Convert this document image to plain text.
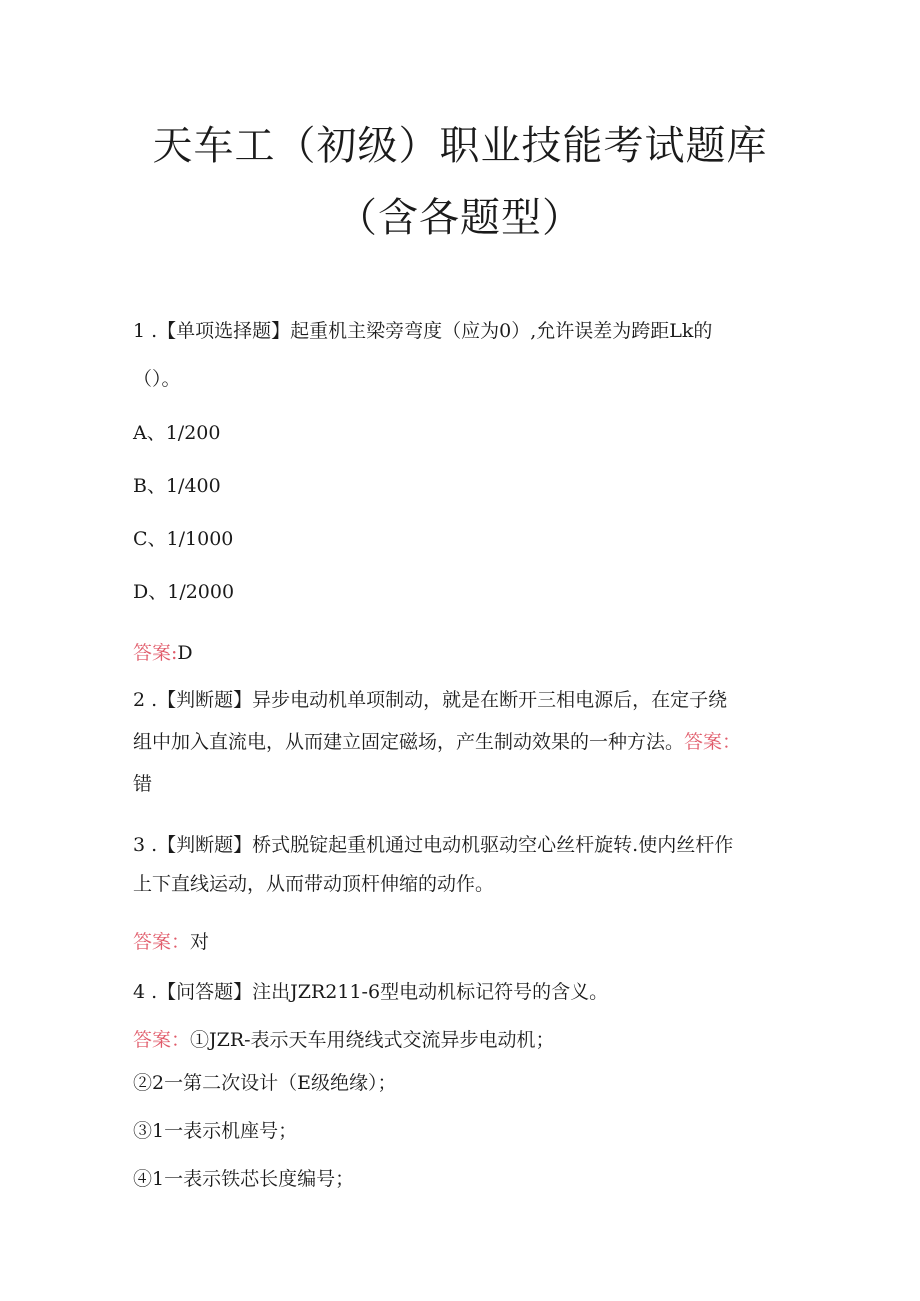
天车工（初级）职业技能考试题库
（含各题型）
1 .【单项选择题】起重机主梁旁弯度（应为0）,允许误差为跨距Lk的
（）。
A、1/200
B、1/400
C、1/1000
D、1/2000
答案:D
2 .【判断题】异步电动机单项制动，就是在断开三相电源后，在定子绕
组中加入直流电，从而建立固定磁场，产生制动效果的一种方法。答案：
错
3 .【判断题】桥式脱锭起重机通过电动机驱动空心丝杆旋转.使内丝杆作
上下直线运动，从而带动顶杆伸缩的动作。
答案：对
4 .【问答题】注出JZR211-6型电动机标记符号的含义。
答案：①JZR-表示天车用绕线式交流异步电动机；
②2一第二次设计（E级绝缘）；
③1一表示机座号；
④1一表示铁芯长度编号；
